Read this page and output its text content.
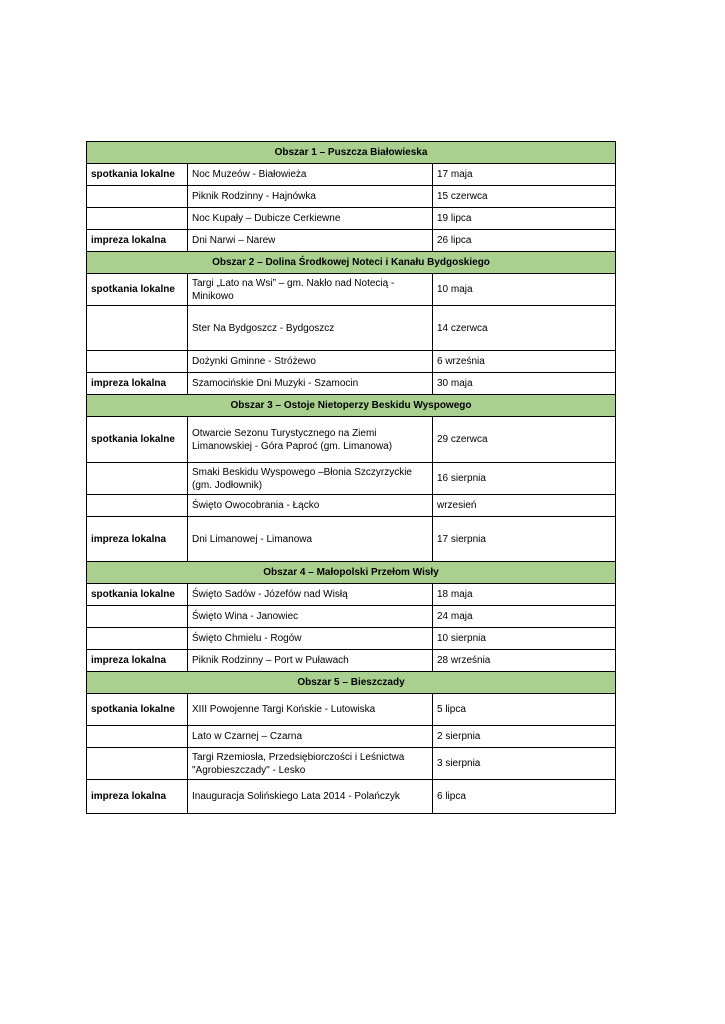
Obszar 1 – Puszcza Białowieska		
spotkania lokalne	Noc Muzeów - Białowieża	17 maja
	Piknik Rodzinny - Hajnówka	15 czerwca
	Noc Kupały – Dubicze Cerkiewne	19 lipca
impreza lokalna	Dni Narwi – Narew	26 lipca
Obszar 2 – Dolina Środkowej Noteci i Kanału Bydgoskiego		
spotkania lokalne	Targi „Lato na Wsi” – gm. Nakło nad Notecią - Minikowo	10 maja
	Ster Na Bydgoszcz - Bydgoszcz	14 czerwca
	Dożynki Gminne - Stróżewo	6 września
impreza lokalna	Szamocińskie Dni Muzyki - Szamocin	30 maja
Obszar 3 – Ostoje Nietoperzy Beskidu Wyspowego		
spotkania lokalne	Otwarcie Sezonu Turystycznego na Ziemi Limanowskiej - Góra Paproć (gm. Limanowa)	29 czerwca
	Smaki Beskidu Wyspowego –Błonia Szczyrzyckie (gm. Jodłownik)	16 sierpnia
	Święto Owocobrania - Łącko	wrzesień
impreza lokalna	Dni Limanowej - Limanowa	17 sierpnia
Obszar 4 – Małopolski Przełom Wisły		
spotkania lokalne	Święto Sadów - Józefów nad Wisłą	18 maja
	Święto Wina - Janowiec	24 maja
	Święto Chmielu - Rogów	10 sierpnia
impreza lokalna	Piknik Rodzinny – Port w Puławach	28 września
Obszar 5 – Bieszczady		
spotkania lokalne	XIII Powojenne Targi Końskie - Lutowiska	5 lipca
	Lato w Czarnej – Czarna	2 sierpnia
	Targi Rzemiosła, Przedsiębiorczości i Leśnictwa "Agrobieszczady" - Lesko	3 sierpnia
impreza lokalna	Inauguracja Solińskiego Lata 2014 - Polańczyk	6 lipca
